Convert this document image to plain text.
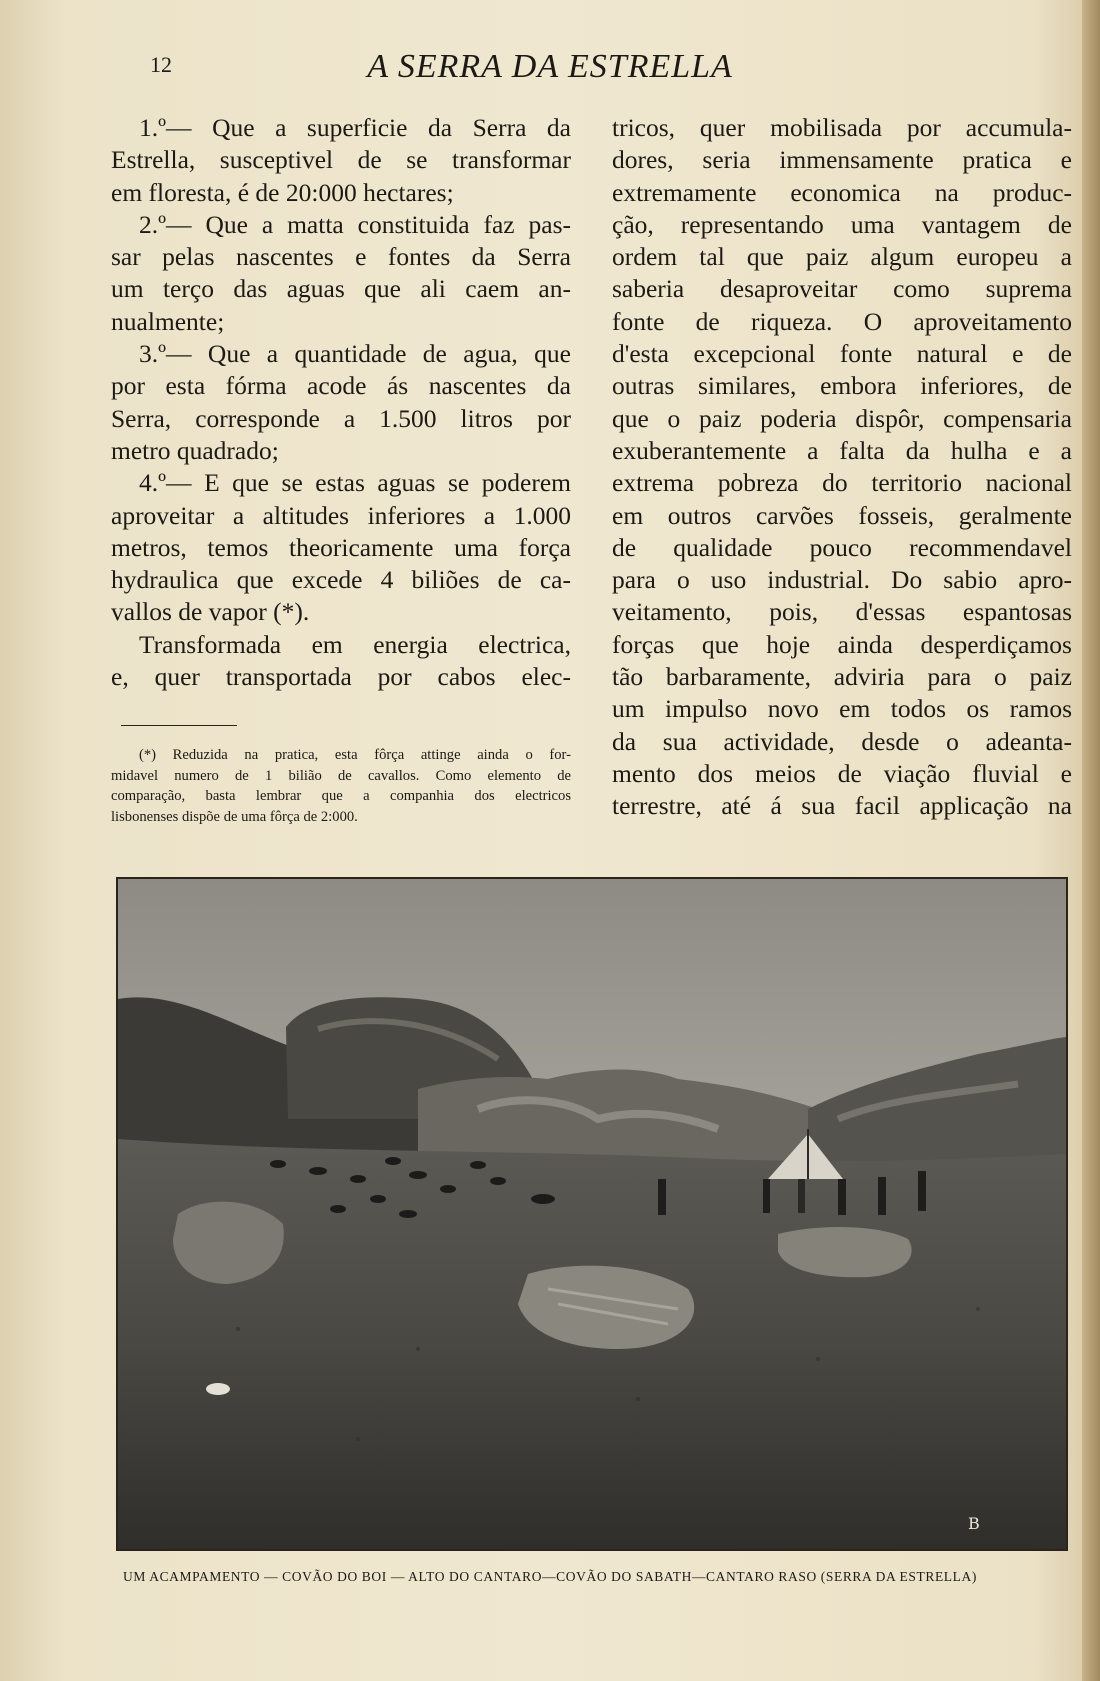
12	A SERRA DA ESTRELLA
1.º— Que a superficie da Serra da
Estrella, susceptivel de se transformar
em floresta, é de 20:000 hectares;
2.º— Que a matta constituida faz pas-
sar pelas nascentes e fontes da Serra
um terço das aguas que ali caem an-
nualmente;
3.º— Que a quantidade de agua, que
por esta fórma acode ás nascentes da
Serra, corresponde a 1.500 litros por
metro quadrado;
4.º— E que se estas aguas se poderem
aproveitar a altitudes inferiores a 1.000
metros, temos theoricamente uma força
hydraulica que excede 4 biliões de ca-
vallos de vapor (*).
Transformada em energia electrica,
e, quer transportada por cabos elec-
tricos, quer mobilisada por accumula-
dores, seria immensamente pratica e
extremamente economica na produc-
ção, representando uma vantagem de
ordem tal que paiz algum europeu a
saberia desaproveitar como suprema
fonte de riqueza. O aproveitamento
d'esta excepcional fonte natural e de
outras similares, embora inferiores, de
que o paiz poderia dispôr, compensaria
exuberantemente a falta da hulha e a
extrema pobreza do territorio nacional
em outros carvões fosseis, geralmente
de qualidade pouco recommendavel
para o uso industrial. Do sabio apro-
veitamento, pois, d'essas espantosas
forças que hoje ainda desperdiçamos
tão barbaramente, adviria para o paiz
um impulso novo em todos os ramos
da sua actividade, desde o adeanta-
mento dos meios de viação fluvial e
terrestre, até á sua facil applicação na
(*) Reduzida na pratica, esta fôrça attinge ainda o for-
midavel numero de 1 bilião de cavallos. Como elemento de
comparação, basta lembrar que a companhia dos electricos
lisbonenses dispõe de uma fôrça de 2:000.
B
UM ACAMPAMENTO — COVÃO DO BOI — ALTO DO CANTARO—COVÃO DO SABATH—CANTARO RASO (SERRA DA ESTRELLA)
